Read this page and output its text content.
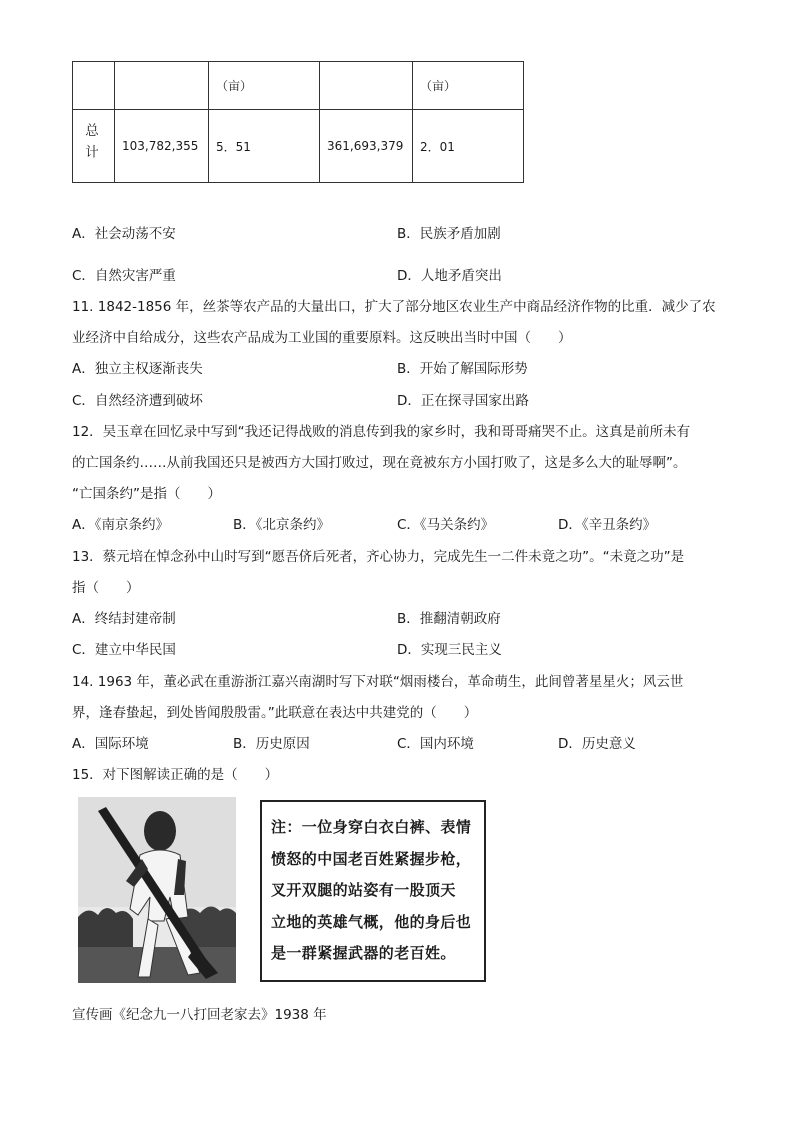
		（亩）		（亩）
总计	103,782,355	5．51	361,693,379	2．01
A．社会动荡不安	B．民族矛盾加剧
C．自然灾害严重	D．人地矛盾突出
11. 1842-1856 年，丝茶等农产品的大量出口，扩大了部分地区农业生产中商品经济作物的比重．减少了农
业经济中自给成分，这些农产品成为工业国的重要原料。这反映出当时中国（　　）
A．独立主权逐渐丧失	B．开始了解国际形势
C．自然经济遭到破坏	D．正在探寻国家出路
12．吴玉章在回忆录中写到“我还记得战败的消息传到我的家乡时，我和哥哥痛哭不止。这真是前所未有
的亡国条约……从前我国还只是被西方大国打败过，现在竟被东方小国打败了，这是多么大的耻辱啊”。
“亡国条约”是指（　　）
A．《南京条约》	B．《北京条约》	C．《马关条约》	D．《辛丑条约》
13．蔡元培在悼念孙中山时写到“愿吾侪后死者，齐心协力，完成先生一二件未竟之功”。“未竟之功”是
指（　　）
A．终结封建帝制	B．推翻清朝政府
C．建立中华民国	D．实现三民主义
14. 1963 年，董必武在重游浙江嘉兴南湖时写下对联“烟雨楼台，革命萌生，此间曾著星星火；风云世
界，逢春蛰起，到处皆闻殷殷雷。”此联意在表达中共建党的（　　）
A．国际环境	B．历史原因	C．国内环境	D．历史意义
15．对下图解读正确的是（　　）
注：一位身穿白衣白裤、表情
愤怒的中国老百姓紧握步枪，
叉开双腿的站姿有一股顶天
立地的英雄气概，他的身后也
是一群紧握武器的老百姓。
宣传画《纪念九一八打回老家去》1938 年
